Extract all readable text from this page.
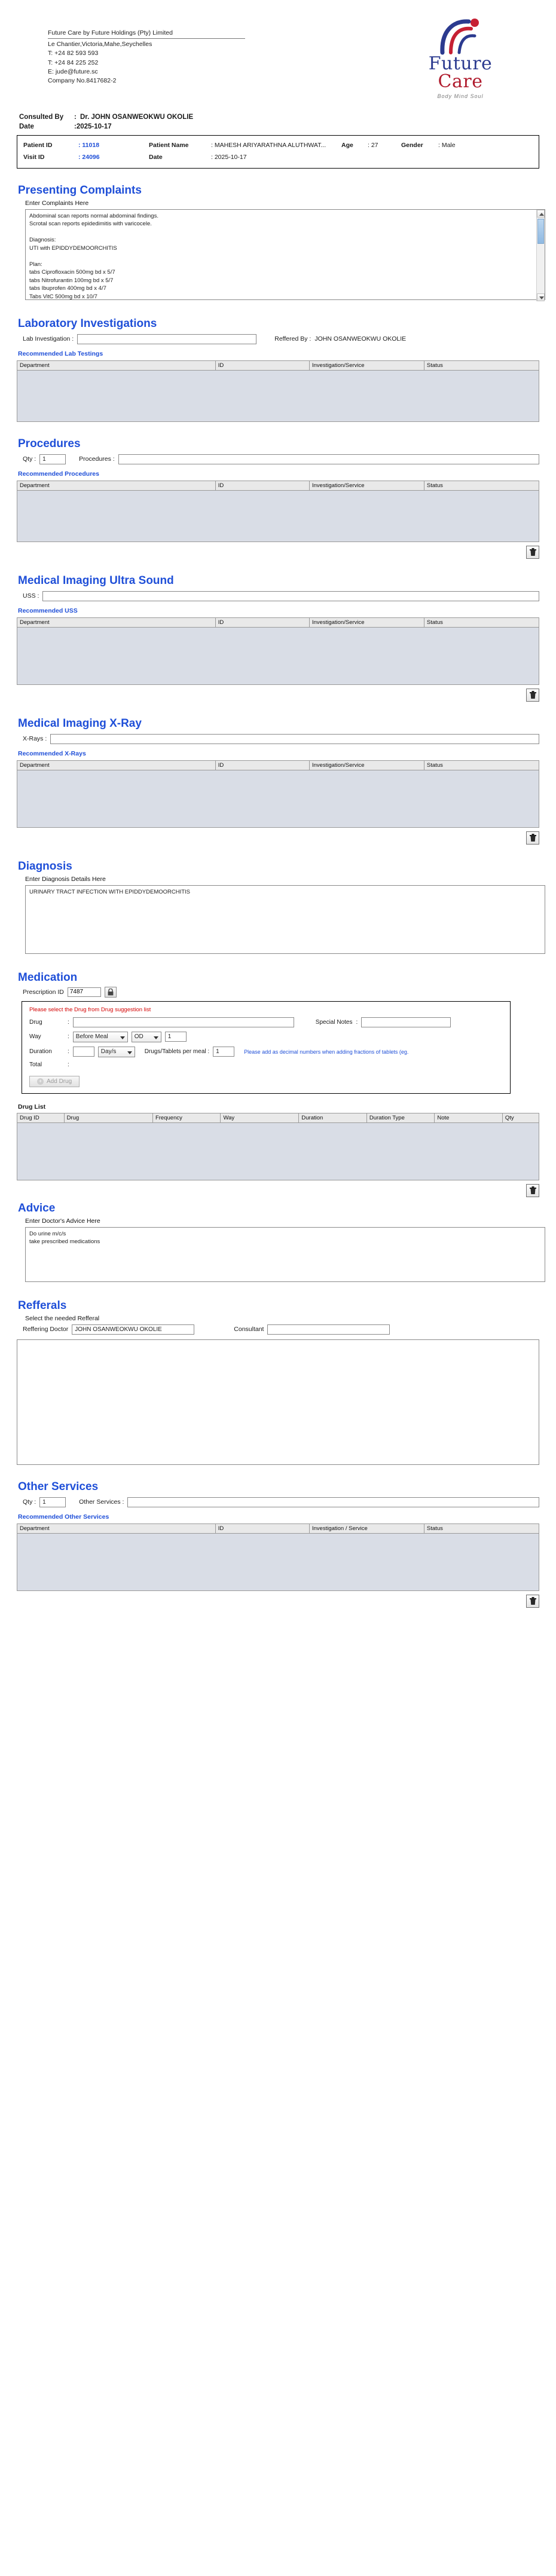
Future Care by Future Holdings (Pty) Limited
Le Chantier,Victoria,Mahe,Seychelles
T: +24 82 593 593
T: +24 84 225 252
E: jude@future.sc
Company No.8417682-2
Future
Care
Body Mind Soul
Consulted By : Dr. JOHN OSANWEOKWU OKOLIE
Date	:2025-10-17
Patient ID	: 11018	Patient Name	: MAHESH ARIYARATHNA ALUTHWAT... Age : 27	Gender : Male
Visit ID	: 24096	Date	: 2025-10-17
Presenting Complaints
Enter Complaints Here
Abdominal scan reports normal abdominal findings. Scrotal scan reports epidedimitis with varicocele. Diagnosis: UTI with EPIDDYDEMOORCHITIS Plan: tabs Ciprofloxacin 500mg bd x 5/7 tabs Nitrofurantin 100mg bd x 5/7 tabs Ibuprofen 400mg bd x 4/7 Tabs VitC 500mg bd x 10/7 Do urine m/c/s and review with results
Laboratory Investigations
Lab Investigation :	Reffered By : JOHN OSANWEOKWU OKOLIE
Recommended Lab Testings
Department	ID	Investigation/Service	Status
Procedures
Qty :
1	Procedures :
Recommended Procedures
Department	ID	Investigation/Service	Status
Medical Imaging Ultra Sound
USS :
Recommended USS
Department	ID	Investigation/Service	Status
Medical Imaging X-Ray
X-Rays :
Recommended X-Rays
Department	ID	Investigation/Service	Status
Diagnosis
Enter Diagnosis Details Here
URINARY TRACT INFECTION WITH EPIDDYDEMOORCHITIS
Medication
Prescription ID
7487
Please select the Drug from Drug suggestion list
Drug	:	Special Notes :
Way	:	Before Meal	OD
1
Duration	:	Day/s	Drugs/Tablets per meal :
1	Please add as decimal numbers when adding fractions of tablets (eg.
Total	:
+ Add Drug
Drug List
Drug ID	Drug	Frequency	Way	Duration	Duration Type	Note	Qty
Advice
Enter Doctor's Advice Here
Do urine m/c/s take prescribed medications
Refferals
Select the needed Refferal
Reffering Doctor
JOHN OSANWEOKWU OKOLIE	Consultant
Other Services
Qty :
1	Other Services :
Recommended Other Services
Department	ID	Investigation / Service	Status
